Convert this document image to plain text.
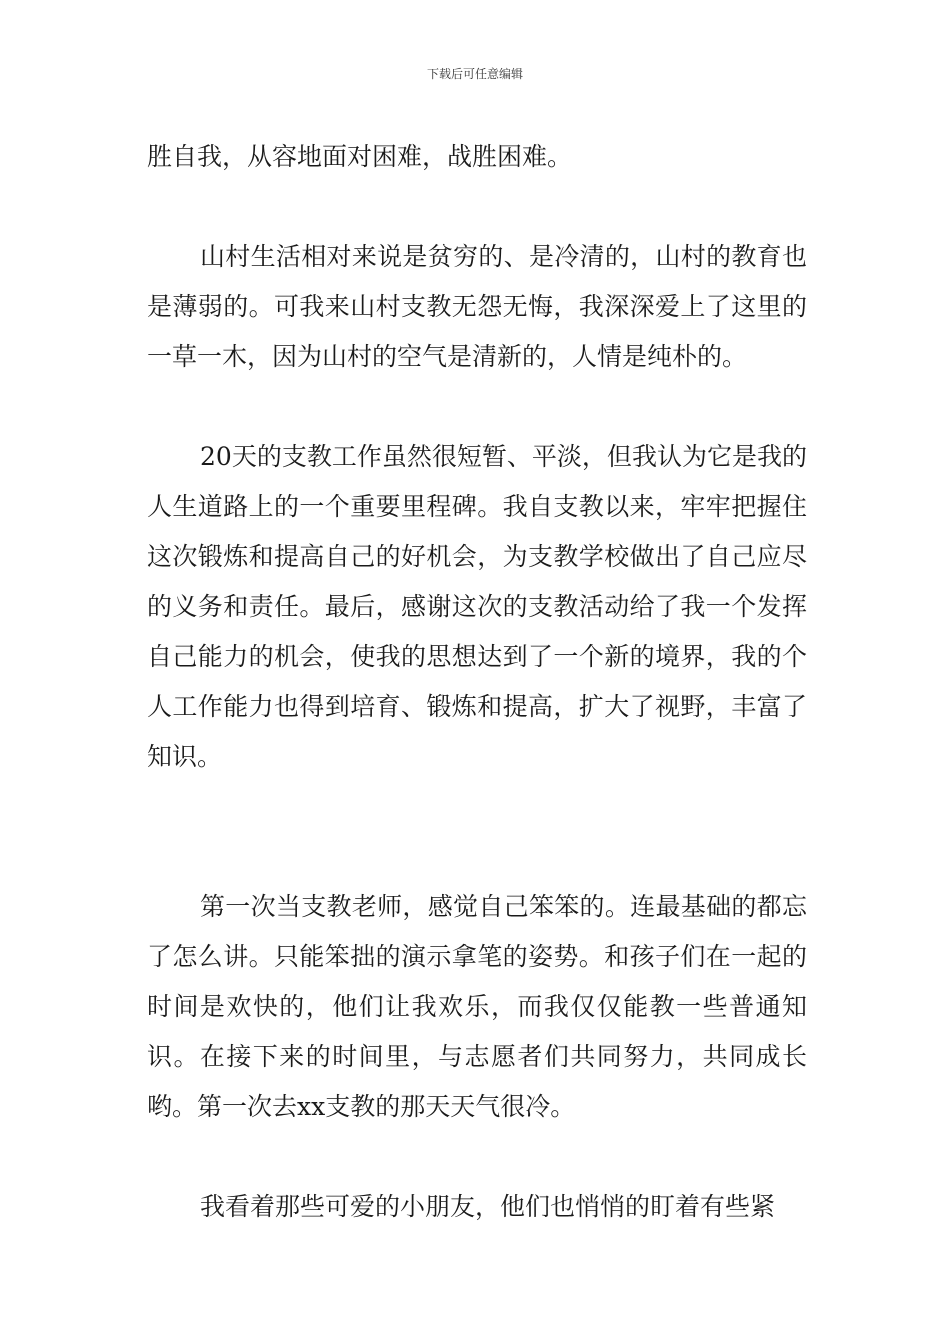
下载后可任意编辑

胜自我，从容地面对困难，战胜困难。

山村生活相对来说是贫穷的、是冷清的，山村的教育也是薄弱的。可我来山村支教无怨无悔，我深深爱上了这里的一草一木，因为山村的空气是清新的，人情是纯朴的。

20天的支教工作虽然很短暂、平淡，但我认为它是我的人生道路上的一个重要里程碑。我自支教以来，牢牢把握住这次锻炼和提高自己的好机会，为支教学校做出了自己应尽的义务和责任。最后，感谢这次的支教活动给了我一个发挥自己能力的机会，使我的思想达到了一个新的境界，我的个人工作能力也得到培育、锻炼和提高，扩大了视野，丰富了知识。

第一次当支教老师，感觉自己笨笨的。连最基础的都忘了怎么讲。只能笨拙的演示拿笔的姿势。和孩子们在一起的时间是欢快的，他们让我欢乐，而我仅仅能教一些普通知识。在接下来的时间里，与志愿者们共同努力，共同成长哟。第一次去xx支教的那天天气很冷。

我看着那些可爱的小朋友，他们也悄悄的盯着有些紧
